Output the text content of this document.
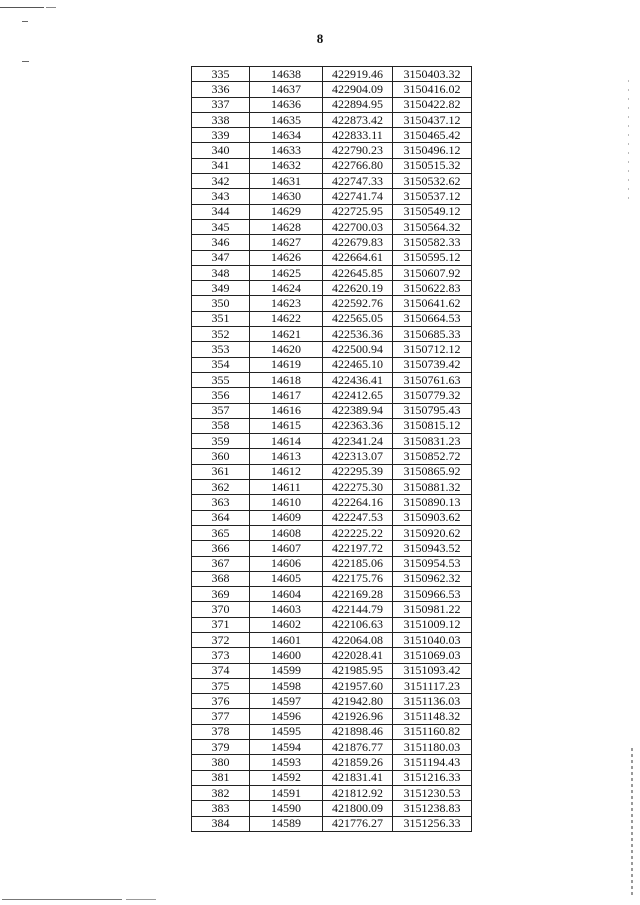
8
335	14638	422919.46	3150403.32
336	14637	422904.09	3150416.02
337	14636	422894.95	3150422.82
338	14635	422873.42	3150437.12
339	14634	422833.11	3150465.42
340	14633	422790.23	3150496.12
341	14632	422766.80	3150515.32
342	14631	422747.33	3150532.62
343	14630	422741.74	3150537.12
344	14629	422725.95	3150549.12
345	14628	422700.03	3150564.32
346	14627	422679.83	3150582.33
347	14626	422664.61	3150595.12
348	14625	422645.85	3150607.92
349	14624	422620.19	3150622.83
350	14623	422592.76	3150641.62
351	14622	422565.05	3150664.53
352	14621	422536.36	3150685.33
353	14620	422500.94	3150712.12
354	14619	422465.10	3150739.42
355	14618	422436.41	3150761.63
356	14617	422412.65	3150779.32
357	14616	422389.94	3150795.43
358	14615	422363.36	3150815.12
359	14614	422341.24	3150831.23
360	14613	422313.07	3150852.72
361	14612	422295.39	3150865.92
362	14611	422275.30	3150881.32
363	14610	422264.16	3150890.13
364	14609	422247.53	3150903.62
365	14608	422225.22	3150920.62
366	14607	422197.72	3150943.52
367	14606	422185.06	3150954.53
368	14605	422175.76	3150962.32
369	14604	422169.28	3150966.53
370	14603	422144.79	3150981.22
371	14602	422106.63	3151009.12
372	14601	422064.08	3151040.03
373	14600	422028.41	3151069.03
374	14599	421985.95	3151093.42
375	14598	421957.60	3151117.23
376	14597	421942.80	3151136.03
377	14596	421926.96	3151148.32
378	14595	421898.46	3151160.82
379	14594	421876.77	3151180.03
380	14593	421859.26	3151194.43
381	14592	421831.41	3151216.33
382	14591	421812.92	3151230.53
383	14590	421800.09	3151238.83
384	14589	421776.27	3151256.33
